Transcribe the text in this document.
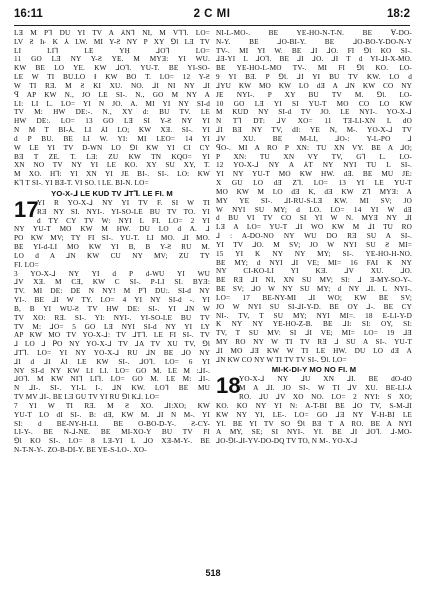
16:11	2 C MI	18:2

LƎ M P⅂ DU YI TV A ⅄N⅂ NI, M V⅂⅂. LO=

LV Ƨ Iⱶ K ⅄ LW. MI Y-Ƨ NY P XY ⅁Ɩ LƎ TV

LI LI⅂ LE YḤ ⅃O⅂ LO=

11 GO LƎ NY Y-Ƨ YE. M MYƎ: YI WU.

KW BE LO YE. KW ⅃O⅂. YU-T. BE YI-SO-

LE W TI BU.LO Ɨ KW BO T. LO= 12 Y-Ƨ

W TI RƎ. M Ƨ KI XU. NO. ⅃I NI NY ⅃I

ꟼ AP KW N., JO LE SI-. N., GO M NY A

LI: LI L. LO= YI N JO. A. MI YI NY SI-d

TV M: HW DE:-. N., XY d: BU TV. LE

HW DE:. LO= 13 GO LƎ SI Y-Ƨ NY YI

N M T BI-⅄. LI ⅄I LO; KW XƎ. SI-. YI

d P BU. BE LI W. YI: MI LEO= 14 YI

W LE YI TV D-WN LO ⅁Ɩ KW YI CI CY

BƎ T ZE. T. LƎ: ZU KW TN KQO= YI

XN NO TV NY YI LE KO. XY SU XY, T.

M XO. H⅂: YI XN YI JE BI-. SI-. LO: KW

K⅂ T SI-. YI BƎ-T. VI SO. Ɩ LE. BI-N. LO=

YO-X-⅃ LE KUD TV ⅃T⅂. LE FI. M
17

YI R YO-X-⅃ NY YI TV F. SI W TI

RƎ NY SI. NYI-. YI-SO-LE BU TV TO. YI

d TY CY TV W: NYI L FI. LO= 2 YI

NY YU-T MO KW M HW. DU LO d A. ⅃

PO KW MV; TY FI SI-. YU-T. LI MO. ⅃I MO.

BE YI-d-LI MO KW YI B, B Y-Ƨ RU M.

LO d A ⅃N KW CU NY MV; ZU TY

FI. LO=

3 YO-X-⅃ NY YI d P d-WU YI WU

⅃V XƎ. M CƎ, KW C SI-. P-LI SI. BYƎ:

TV. MI DE: DE N NY! M P⅂ DU:. SI-d NY

YI-. BE ⅃I W TY. LO= 4 YI NY SI-d -. YI

B, B YI WU-Ƨ TV HW DE: SI-. YI ⅃N W

TV XO: RƎ. SI-. YI: NYI-. YI-SO-LE BU TV

TV M: ⅃O= 5 GO LƎ NYI SI-d NY YI LY

AP KW MO TV YO-X-⅃: TV ⅃T⅂. LE FI SI-. TV

⅃ LO ⅃ ꓑO NY YO-X-⅃ TV ⅃A TV XU TV, ⅁Ɩ

⅃T⅂. LO= YI NY YO-X-⅃ RU ⅃N BE ⅃O NY

⅃I d ⅃I ⅄I LE KW SI-. ⅃O⅂. LO= 6 YI

NY SI-d NY KW LI LI. LO= GO M. LE M :⅃I-.

⅃O⅂. M KW NI⅂ LI⅂. LO= GO M. LE M: ⅃I-.

N ⅃I-. SI-. YI-L I-. ⅃N KW. LO⅂ BE MU

TV MV ⅃I-. BE LƎ GU TV YI RU ⅁Ɩ K⅃. LO=

7 YI W TI RƎ. M Ƨ XO. ⅃I:XO; KW

YU-T LO dI SI-. B: dƎ, KW M. ⅃I N M-. YI

SI: d BE-NY-H-LI. BE O-BO-D-Y-. Ƨ-CY-

LI-Y-. BE N-⅃-NE. BE MI-XO-Y BU TV FI

⅁Ɩ KO SI-. LO= 8 LƎ-YI L ⅃O XƎ-M-Y-. BE

N-T-N-Y-. ZO-B-DI-Y. BE YE-S-LO-. XO-

NI-L-MO-. BE YE-HO-N-T-N. BE Ɐ-DO-

N-Y. BE ⅃O-BI-Y. BE ⅃O-BO-Y-DO-N-Y

TV-. MI YI W. BE ⅃I ⅃O. FI ⅁Ɩ KO SI-.

⅃Ǝ-YI L ⅃O⅂. BE ⅃I ⅃O. ⅃I T d YI-⅃I-X-MO.

BE YE-HO-L-MO TV-. MI FI ⅁Ɩ KO. LO-

9 YI BƎ. P ⅁Ɩ. ⅃I YI BU TV KW. LO d

⅃YU KW MO KW LO dƎ A ⅃N KW CO NY

JE NYI-. P XY BU TV M. ⅁Ɩ. LO-

10 GO LƎ YI SI YU-T MO CO LO KW

M KUD NY SI-d TV JO. LE NYI-. YO-X-⅃

N T⅂ DT: ⅃V XO= 11 TƎ-LI-XN L dO

⅃I BƎ NY TV, dI: YE N, M-. YO-X-⅃ TV

⅃V XU. BE M-LI, ⅃O-: Y-L-PO ⅃

ꟼO-. MI A RO P XN: TU XN VY. BE A ⅃O;

P XN: TU XN VY TV, G⅂ L. LO-

12 YO-X-⅃ NY A ⅄T NY NYI TU L SI-.

YI NY YU-T MO KW HW. dƎ. BE MU JE:

X GU LO dƎ Z⅂. LO= 13 YI LE YU-T

MO KW M LO dƎ K, dƎ KW Z⅂ MYƎ: A

MY YE SI-. ⅃I-RU-S-LƎ KW. MI SV; JO

W NYI SU MY; d LO. LO= 14 YI W dƎ

d BU VI TV CO SI YI W N. MYƎ NY ⅃I

LƎ A LO= YU-T ⅃I WO KW M ⅃I TU RO

⅃ : A-DO-NO NY WU DO RƎ SU A SI-.

YI TV ⅃O. M SV; JO W NYI SU Ƨ MI=

15 YI K NY NY MY; SI-. YE-HO-H-NO.

BE MY; d NYI ⅃I VE; MI= 16 FAI K NY

NY CI-KO-LI YI KƎ. ⅃V XU. ⅃O.

BE RƎ ⅃I NI, XN SU MV; SI: ⅃ Ǝ-MY-SO-Y-.

BE SV; ⅃O W NY SU MY; d NY ⅃I. L NYI-.

LO= 17 BE-NY-MI ⅃I WO; KW BE SV;

JO W NYI SU SI-⅃I-Y-D. BE OY ⅃-. BE CY

NI-. TV, T SU MY; NYI MI=. 18 E-LI-Y-D

K NY NY YE-HO-Z-B. BE ⅃I: SI: OY, SI:

TV, T SU MV: SI ⅃I VE; MI= LO= 19 ⅃Ǝ

MY RO NY W TI TV RƎ ⅃ SU A SI-. YU-T

⅃I MO ⅃Ǝ KW W TI LE HW. DU LO dƎ A

⅃N KW CO NY W TI TV TV SI-. ⅁Ɩ. LO=

MI-K-DI-Y MO NO FI. M
18

YO-X-⅃ NY ⅃U XN ⅃I. BE dO-dO

M A ⅃I. JO SI-. W TI ⅃V XU. BE-LI-⅄

RO. ⅃U ⅃V XO NO. LO= 2 NYI: S XO;

KO. KO NY YI N: A-T-BI BE ⅃O TV, S-M-⅃I

KW NY YI, LE-. LO= GO ⅃Ǝ NY Ɐ-H-BI LE

YI. BE YI TV SO ⅁Ɩ BƎ T A RO. BE A NYI

A MY, SE; SI NYI-. YI. BE ⅃I ⅃O⅂. ⅃-MO-

⅃O-⅁Ɩ-⅃I-YV-DO-DQ TV TO, N M-. YO-X-⅃

518
